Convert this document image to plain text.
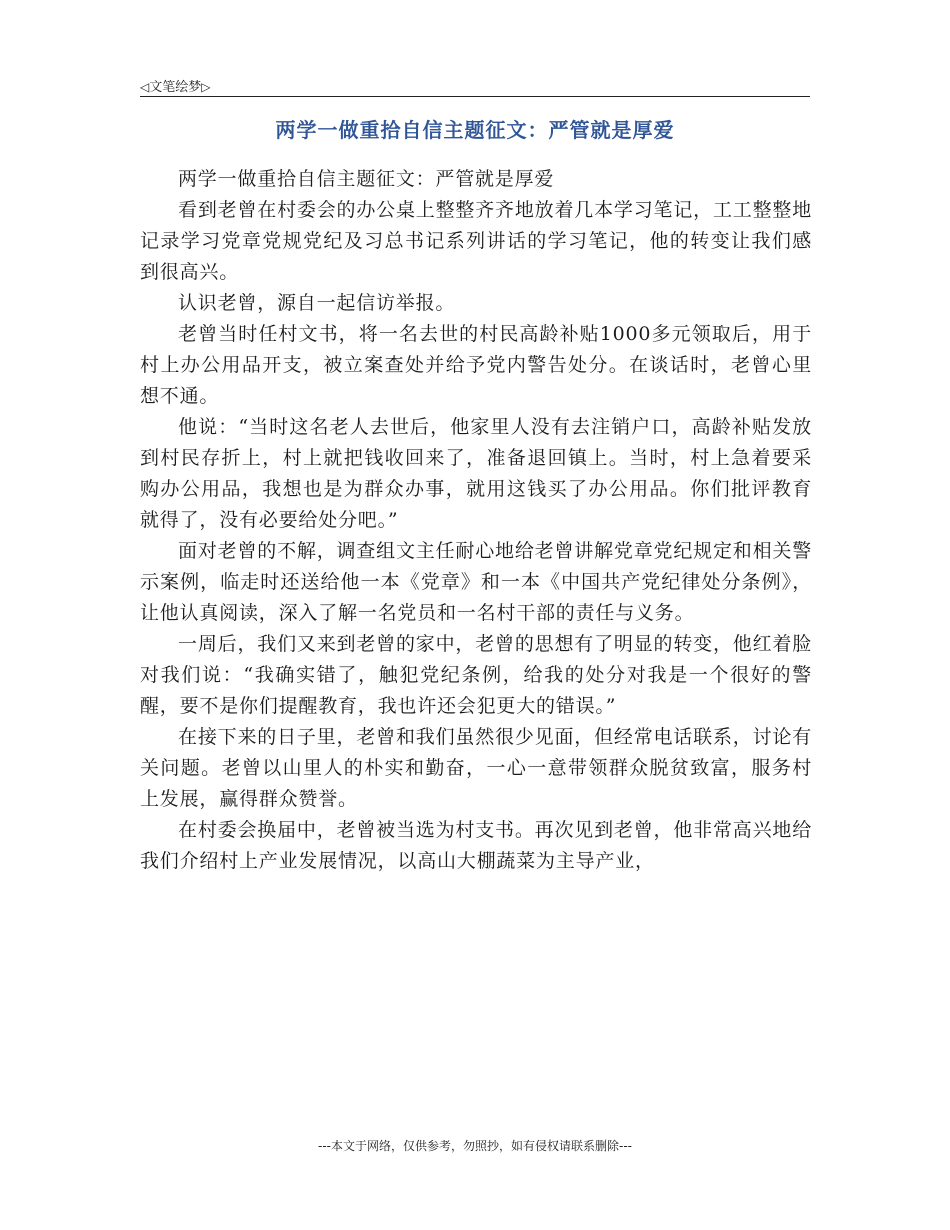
◁文笔绘梦▷
两学一做重拾自信主题征文：严管就是厚爱

两学一做重拾自信主题征文：严管就是厚爱

看到老曾在村委会的办公桌上整整齐齐地放着几本学习笔记，工工整整地记录学习党章党规党纪及习总书记系列讲话的学习笔记，他的转变让我们感到很高兴。

认识老曾，源自一起信访举报。

老曾当时任村文书，将一名去世的村民高龄补贴1000多元领取后，用于村上办公用品开支，被立案查处并给予党内警告处分。在谈话时，老曾心里想不通。

他说：“当时这名老人去世后，他家里人没有去注销户口，高龄补贴发放到村民存折上，村上就把钱收回来了，准备退回镇上。当时，村上急着要采购办公用品，我想也是为群众办事，就用这钱买了办公用品。你们批评教育就得了，没有必要给处分吧。”

面对老曾的不解，调查组文主任耐心地给老曾讲解党章党纪规定和相关警示案例，临走时还送给他一本《党章》和一本《中国共产党纪律处分条例》，让他认真阅读，深入了解一名党员和一名村干部的责任与义务。

一周后，我们又来到老曾的家中，老曾的思想有了明显的转变，他红着脸对我们说：“我确实错了，触犯党纪条例，给我的处分对我是一个很好的警醒，要不是你们提醒教育，我也许还会犯更大的错误。”

在接下来的日子里，老曾和我们虽然很少见面，但经常电话联系，讨论有关问题。老曾以山里人的朴实和勤奋，一心一意带领群众脱贫致富，服务村上发展，赢得群众赞誉。

在村委会换届中，老曾被当选为村支书。再次见到老曾，他非常高兴地给我们介绍村上产业发展情况，以高山大棚蔬菜为主导产业，

---本文于网络，仅供参考，勿照抄，如有侵权请联系删除---
